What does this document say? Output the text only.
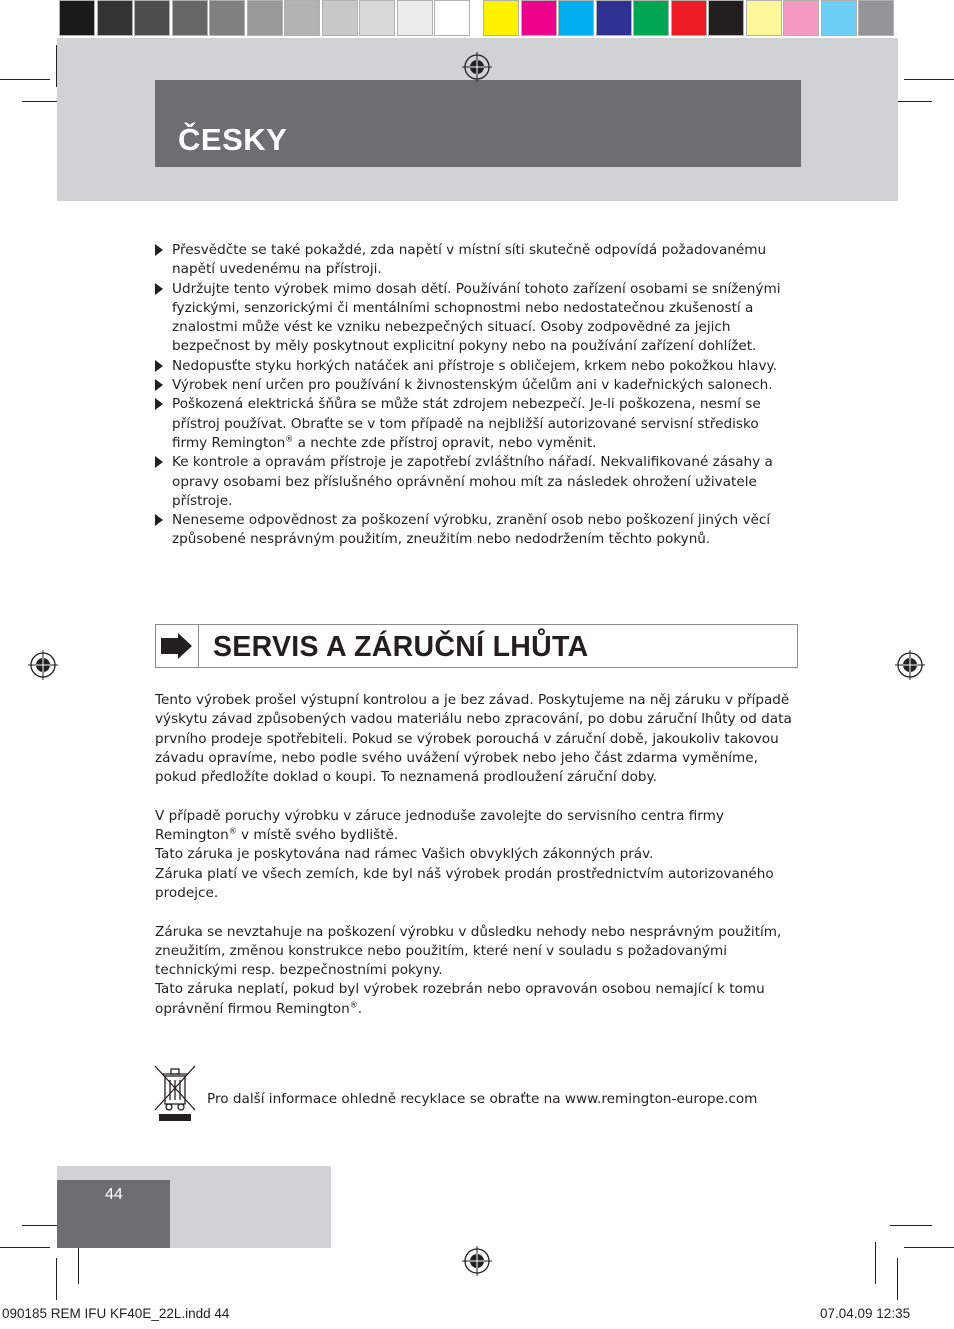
ČESKY
Přesvědčte se také pokaždé, zda napětí v místní síti skutečně odpovídá požadovanému napětí uvedenému na přístroji.
Udržujte tento výrobek mimo dosah dětí. Používání tohoto zařízení osobami se sníženými fyzickými, senzorickými či mentálními schopnostmi nebo nedostatečnou zkušeností a znalostmi může vést ke vzniku nebezpečných situací. Osoby zodpovědné za jejich bezpečnost by měly poskytnout explicitní pokyny nebo na používání zařízení dohlížet.
Nedopusťte styku horkých natáček ani přístroje s obličejem, krkem nebo pokožkou hlavy.
Výrobek není určen pro používání k živnostenským účelům ani v kadeřnických salonech.
Poškozená elektrická šňůra se může stát zdrojem nebezpečí. Je-li poškozena, nesmí se přístroj používat. Obraťte se v tom případě na nejbližší autorizované servisní středisko firmy Remington® a nechte zde přístroj opravit, nebo vyměnit.
Ke kontrole a opravám přístroje je zapotřebí zvláštního nářadí. Nekvalifikované zásahy a opravy osobami bez příslušného oprávnění mohou mít za následek ohrožení uživatele přístroje.
Neneseme odpovědnost za poškození výrobku, zranění osob nebo poškození jiných věcí způsobené nesprávným použitím, zneužitím nebo nedodržením těchto pokynů.
SERVIS A ZÁRUČNÍ LHŮTA

Tento výrobek prošel výstupní kontrolou a je bez závad. Poskytujeme na něj záruku v případě výskytu závad způsobených vadou materiálu nebo zpracování, po dobu záruční lhůty od data prvního prodeje spotřebiteli. Pokud se výrobek porouchá v záruční době, jakoukoliv takovou závadu opravíme, nebo podle svého uvážení výrobek nebo jeho část zdarma vyměníme, pokud předložíte doklad o koupi. To neznamená prodloužení záruční doby.

V případě poruchy výrobku v záruce jednoduše zavolejte do servisního centra firmy Remington® v místě svého bydliště.

Tato záruka je poskytována nad rámec Vašich obvyklých zákonných práv.

Záruka platí ve všech zemích, kde byl náš výrobek prodán prostřednictvím autorizovaného prodejce.

Záruka se nevztahuje na poškození výrobku v důsledku nehody nebo nesprávným použitím, zneužitím, změnou konstrukce nebo použitím, které není v souladu s požadovanými technickými resp. bezpečnostními pokyny.

Tato záruka neplatí, pokud byl výrobek rozebrán nebo opravován osobou nemající k tomu oprávnění firmou Remington®.

Pro další informace ohledně recyklace se obraťte na www.remington-europe.com
44
090185 REM IFU KF40E_22L.indd 44	07.04.09 12:35
